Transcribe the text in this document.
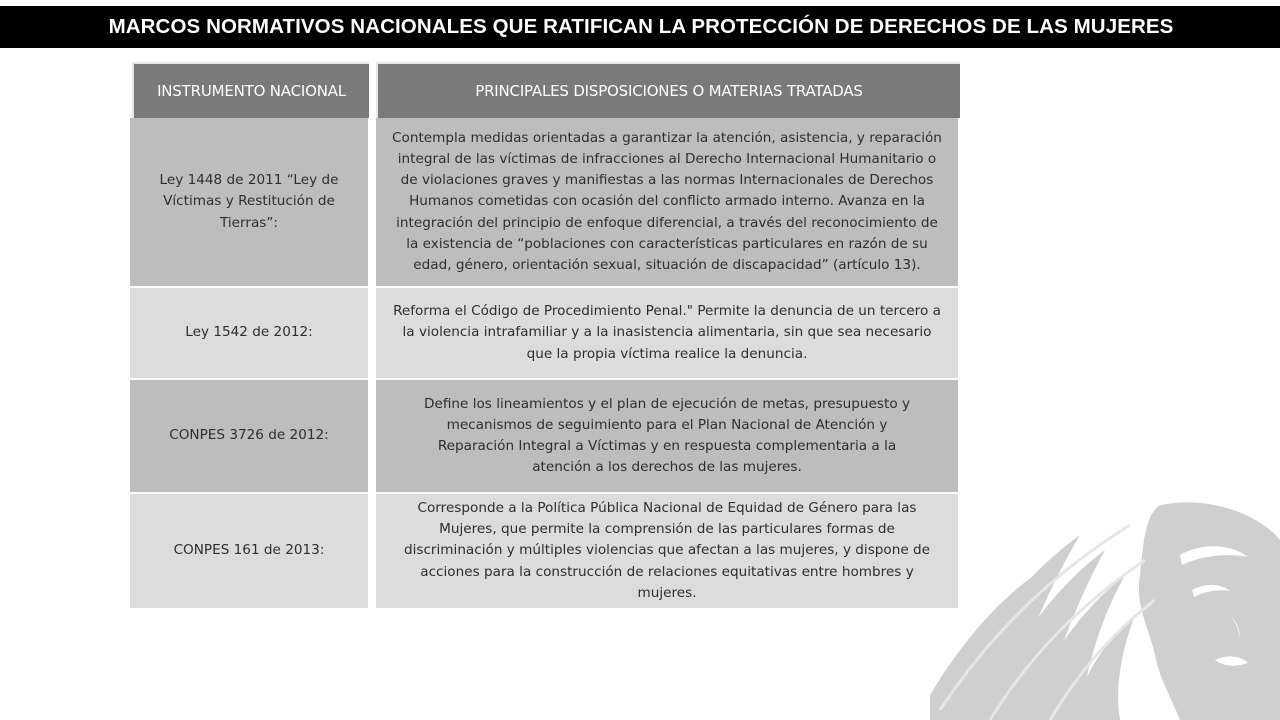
MARCOS NORMATIVOS NACIONALES QUE RATIFICAN LA PROTECCIÓN DE DERECHOS DE LAS MUJERES
INSTRUMENTO NACIONAL	PRINCIPALES DISPOSICIONES O MATERIAS TRATADAS
Ley 1448 de 2011 “Ley de Víctimas y Restitución de Tierras”:
Contempla medidas orientadas a garantizar la atención, asistencia, y reparación integral de las víctimas de infracciones al Derecho Internacional Humanitario o de violaciones graves y manifiestas a las normas Internacionales de Derechos Humanos cometidas con ocasión del conflicto armado interno. Avanza en la integración del principio de enfoque diferencial, a través del reconocimiento de la existencia de “poblaciones con características particulares en razón de su edad, género, orientación sexual, situación de discapacidad” (artículo 13).
Ley 1542 de 2012:
Reforma el Código de Procedimiento Penal." Permite la denuncia de un tercero a la violencia intrafamiliar y a la inasistencia alimentaria, sin que sea necesario que la propia víctima realice la denuncia.
CONPES 3726 de 2012:
Define los lineamientos y el plan de ejecución de metas, presupuesto y mecanismos de seguimiento para el Plan Nacional de Atención y Reparación Integral a Víctimas y en respuesta complementaria a la atención a los derechos de las mujeres.
CONPES 161 de 2013:
Corresponde a la Política Pública Nacional de Equidad de Género para las Mujeres, que permite la comprensión de las particulares formas de discriminación y múltiples violencias que afectan a las mujeres, y dispone de acciones para la construcción de relaciones equitativas entre hombres y mujeres.
